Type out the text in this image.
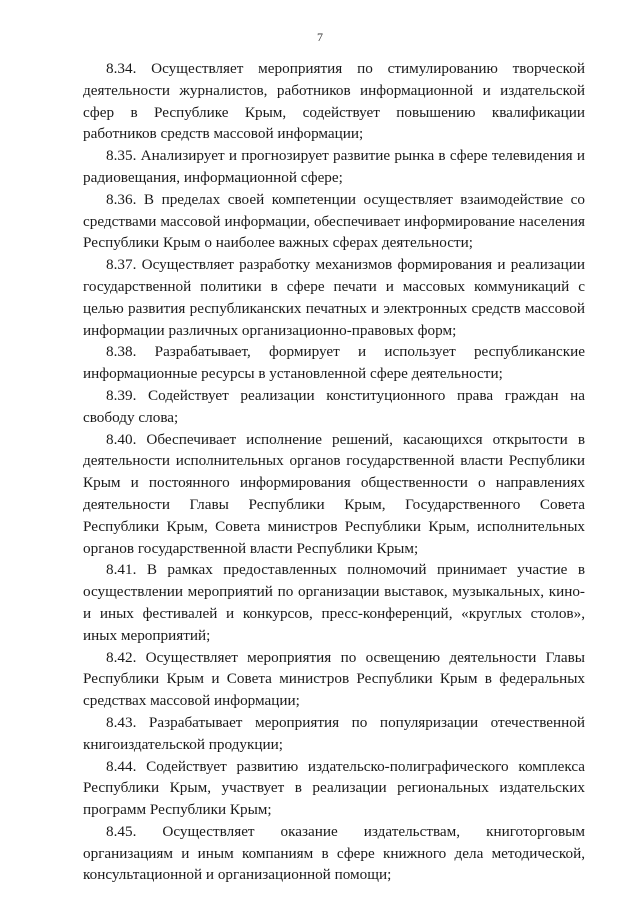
7

8.34. Осуществляет мероприятия по стимулированию творческой деятельности журналистов, работников информационной и издательской сфер в Республике Крым, содействует повышению квалификации работников средств массовой информации;

8.35. Анализирует и прогнозирует развитие рынка в сфере телевидения и радиовещания, информационной сфере;

8.36. В пределах своей компетенции осуществляет взаимодействие со средствами массовой информации, обеспечивает информирование населения Республики Крым о наиболее важных сферах деятельности;

8.37. Осуществляет разработку механизмов формирования и реализации государственной политики в сфере печати и массовых коммуникаций с целью развития республиканских печатных и электронных средств массовой информации различных организационно-правовых форм;

8.38. Разрабатывает, формирует и использует республиканские информационные ресурсы в установленной сфере деятельности;

8.39. Содействует реализации конституционного права граждан на свободу слова;

8.40. Обеспечивает исполнение решений, касающихся открытости в деятельности исполнительных органов государственной власти Республики Крым и постоянного информирования общественности о направлениях деятельности Главы Республики Крым, Государственного Совета Республики Крым, Совета министров Республики Крым, исполнительных органов государственной власти Республики Крым;

8.41. В рамках предоставленных полномочий принимает участие в осуществлении мероприятий по организации выставок, музыкальных, кино- и иных фестивалей и конкурсов, пресс-конференций, «круглых столов», иных мероприятий;

8.42. Осуществляет мероприятия по освещению деятельности Главы Республики Крым и Совета министров Республики Крым в федеральных средствах массовой информации;

8.43. Разрабатывает мероприятия по популяризации отечественной книгоиздательской продукции;

8.44. Содействует развитию издательско-полиграфического комплекса Республики Крым, участвует в реализации региональных издательских программ Республики Крым;

8.45. Осуществляет оказание издательствам, книготорговым организациям и иным компаниям в сфере книжного дела методической, консультационной и организационной помощи;
